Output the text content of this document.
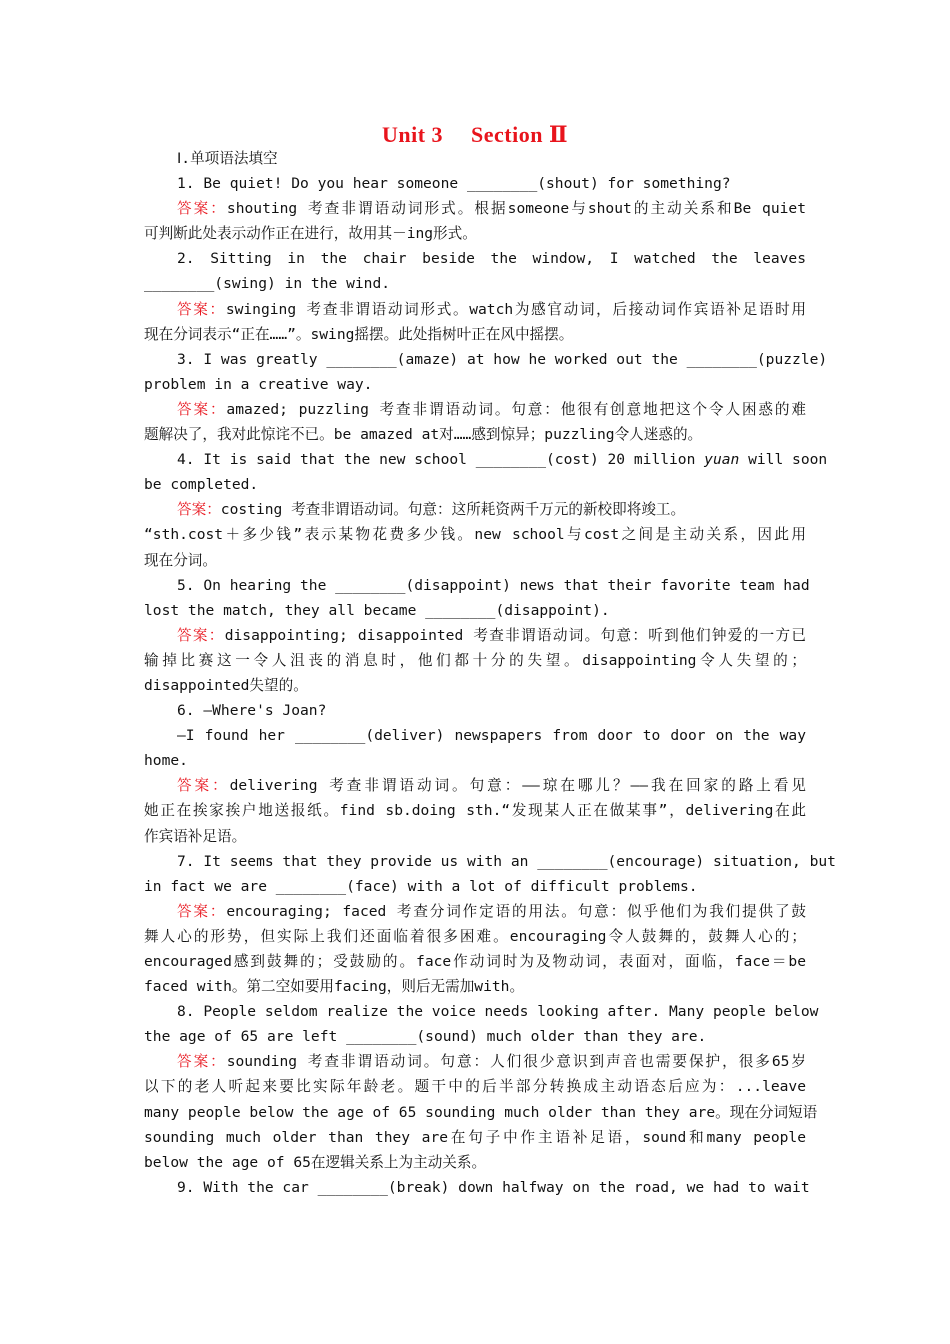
Unit 3 Section Ⅱ
Ⅰ.单项语法填空
1. Be quiet! Do you hear someone ________(shout) for something?
答案：shouting 考查非谓语动词形式。根据someone与shout的主动关系和Be quiet
可判断此处表示动作正在进行，故用其－ing形式。
2. Sitting in the chair beside the window, I watched the leaves
________(swing) in the wind.
答案：swinging 考查非谓语动词形式。watch为感官动词，后接动词作宾语补足语时用
现在分词表示“正在……”。swing摇摆。此处指树叶正在风中摇摆。
3. I was greatly ________(amaze) at how he worked out the ________(puzzle)
problem in a creative way.
答案：amazed; puzzling 考查非谓语动词。句意：他很有创意地把这个令人困惑的难
题解决了，我对此惊诧不已。be amazed at对……感到惊异；puzzling令人迷惑的。
4. It is said that the new school ________(cost) 20 million yuan will soon
be completed.
答案：costing 考查非谓语动词。句意：这所耗资两千万元的新校即将竣工。
“sth.cost＋多少钱”表示某物花费多少钱。new school与cost之间是主动关系，因此用
现在分词。
5. On hearing the ________(disappoint) news that their favorite team had
lost the match, they all became ________(disappoint).
答案：disappointing; disappointed 考查非谓语动词。句意：听到他们钟爱的一方已
输掉比赛这一令人沮丧的消息时，他们都十分的失望。disappointing令人失望的；
disappointed失望的。
6. —Where's Joan?
—I found her ________(deliver) newspapers from door to door on the way
home.
答案：delivering 考查非谓语动词。句意：——琼在哪儿？——我在回家的路上看见
她正在挨家挨户地送报纸。find sb.doing sth.“发现某人正在做某事”，delivering在此
作宾语补足语。
7. It seems that they provide us with an ________(encourage) situation, but
in fact we are ________(face) with a lot of difficult problems.
答案：encouraging; faced 考查分词作定语的用法。句意：似乎他们为我们提供了鼓
舞人心的形势，但实际上我们还面临着很多困难。encouraging令人鼓舞的，鼓舞人心的；
encouraged感到鼓舞的；受鼓励的。face作动词时为及物动词，表面对，面临，face＝be
faced with。第二空如要用facing，则后无需加with。
8. People seldom realize the voice needs looking after. Many people below
the age of 65 are left ________(sound) much older than they are.
答案：sounding 考查非谓语动词。句意：人们很少意识到声音也需要保护，很多65岁
以下的老人听起来要比实际年龄老。题干中的后半部分转换成主动语态后应为：...leave
many people below the age of 65 sounding much older than they are。现在分词短语
sounding much older than they are在句子中作主语补足语，sound和many people
below the age of 65在逻辑关系上为主动关系。
9. With the car ________(break) down halfway on the road, we had to wait
